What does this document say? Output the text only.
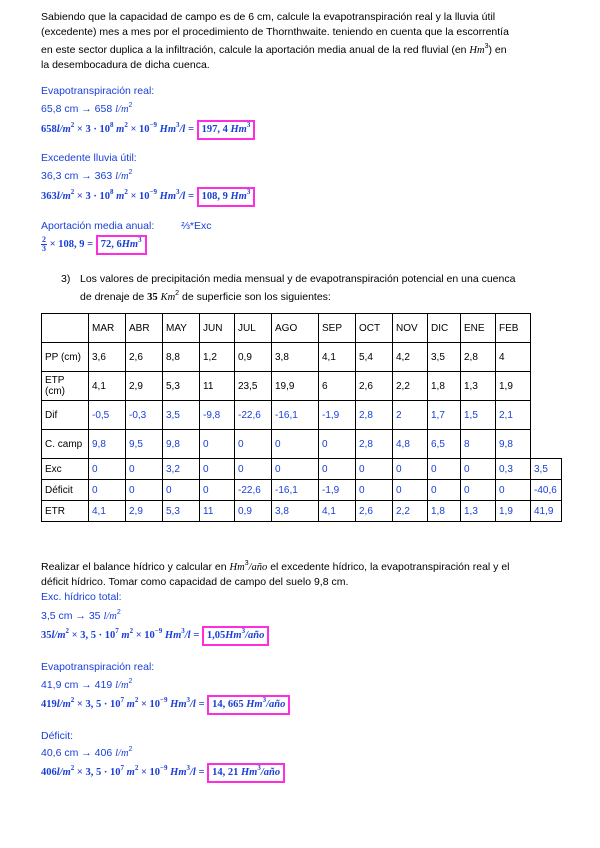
Sabiendo que la capacidad de campo es de 6 cm, calcule la evapotranspiración real y la lluvia útil
(excedente) mes a mes por el procedimiento de Thornthwaite. teniendo en cuenta que la escorrentía
en este sector duplica a la infiltración, calcule la aportación media anual de la red fluvial (en Hm$^3$) en
la desembocadura de dicha cuenca.
Evapotranspiración real:
65,8 cm → 658 $l/m^2$
$658l/m^2 \times 3 \cdot 10^8$ $m^2 \times 10^{-9}$ $Hm^3/l = 197$, 4 Hm$^3$
Excedente lluvia útil:
36,3 cm → 363 $l/m^2$
$363l/m^2 \times 3 \cdot 10^8$ $m^2 \times 10^{-9}$ $Hm^3/l = 108$, 9 Hm$^3$
Aportación media anual:	⅔*Exc
$\frac{2}{3} \times 108$, 9 = 72, 6Hm$^3$
3) Los valores de precipitación media mensual y de evapotranspiración potencial en una cuenca
de drenaje de 35 Km$^2$ de superficie son los siguientes:
	MAR	ABR	MAY	JUN	JUL	AGO	SEP	OCT	NOV	DIC	ENE	FEB	
PP (cm)	3,6	2,6	8,8	1,2	0,9	3,8	4,1	5,4	4,2	3,5	2,8	4	
ETP (cm)	4,1	2,9	5,3	11	23,5	19,9	6	2,6	2,2	1,8	1,3	1,9	
Dif	-0,5	-0,3	3,5	-9,8	-22,6	-16,1	-1,9	2,8	2	1,7	1,5	2,1	
C. camp	9,8	9,5	9,8	0	0	0	0	2,8	4,8	6,5	8	9,8	
Exc	0	0	3,2	0	0	0	0	0	0	0	0	0,3	3,5
Déficit	0	0	0	0	-22,6	-16,1	-1,9	0	0	0	0	0	-40,6
ETR	4,1	2,9	5,3	11	0,9	3,8	4,1	2,6	2,2	1,8	1,3	1,9	41,9
Realizar el balance hídrico y calcular en Hm$^3$/año el excedente hídrico, la evapotranspiración real y el
déficit hídrico. Tomar como capacidad de campo del suelo 9,8 cm.
Exc. hídrico total:
3,5 cm → 35 $l/m^2$
$35l/m^2 \times 3$, $5 \cdot 10^7$ $m^2 \times 10^{-9}$ $Hm^3/l$ = $1,05Hm^3$/año
Evapotranspiración real:
41,9 cm → 419 $l/m^2$
$419l/m^2 \times 3$, $5 \cdot 10^7$ $m^2 \times 10^{-9}$ $Hm^3/l = 14$, 665 Hm$^3$/año
Déficit:
40,6 cm → 406 $l/m^2$
$406l/m^2 \times 3$, $5 \cdot 10^7$ $m^2 \times 10^{-9}$ $Hm^3/l = 14$, 21 Hm$^3$/año
